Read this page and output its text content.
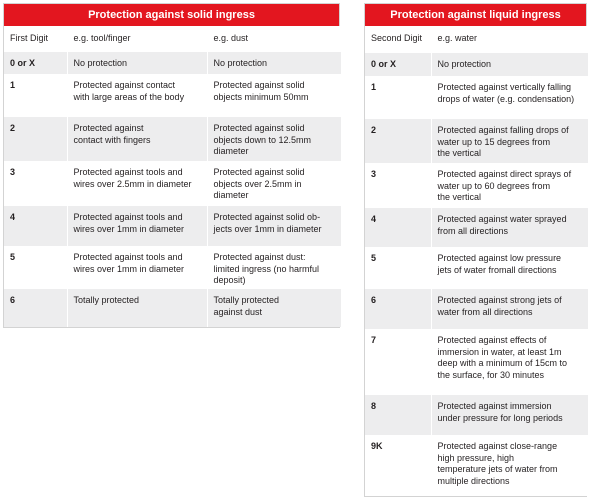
Protection against solid ingress
First Digit	e.g. tool/finger	e.g. dust
0 or X	No protection	No protection
1	Protected against contact
with large areas of the body	Protected against solid
objects minimum 50mm
2	Protected against
contact with fingers	Protected against solid
objects down to 12.5mm
diameter
3	Protected against tools and
wires over 2.5mm in diameter	Protected against solid
objects over 2.5mm in
diameter
4	Protected against tools and
wires over 1mm in diameter	Protected against solid ob-
jects over 1mm in diameter
5	Protected against tools and
wires over 1mm in diameter	Protected against dust:
limited ingress (no harmful
deposit)
6	Totally protected	Totally protected
against dust
Protection against liquid ingress
Second Digit	e.g. water
0 or X	No protection
1	Protected against vertically falling
drops of water (e.g. condensation)
2	Protected against falling drops of
water up to 15 degrees from
the vertical
3	Protected against direct sprays of
water up to 60 degrees from
the vertical
4	Protected against water sprayed
from all directions
5	Protected against low pressure
jets of water fromall directions
6	Protected against strong jets of
water from all directions
7	Protected against effects of
immersion in water, at least 1m
deep with a minimum of 15cm to
the surface, for 30 minutes
8	Protected against immersion
under pressure for long periods
9K	Protected against close-range
high pressure, high
temperature jets of water from
multiple directions
